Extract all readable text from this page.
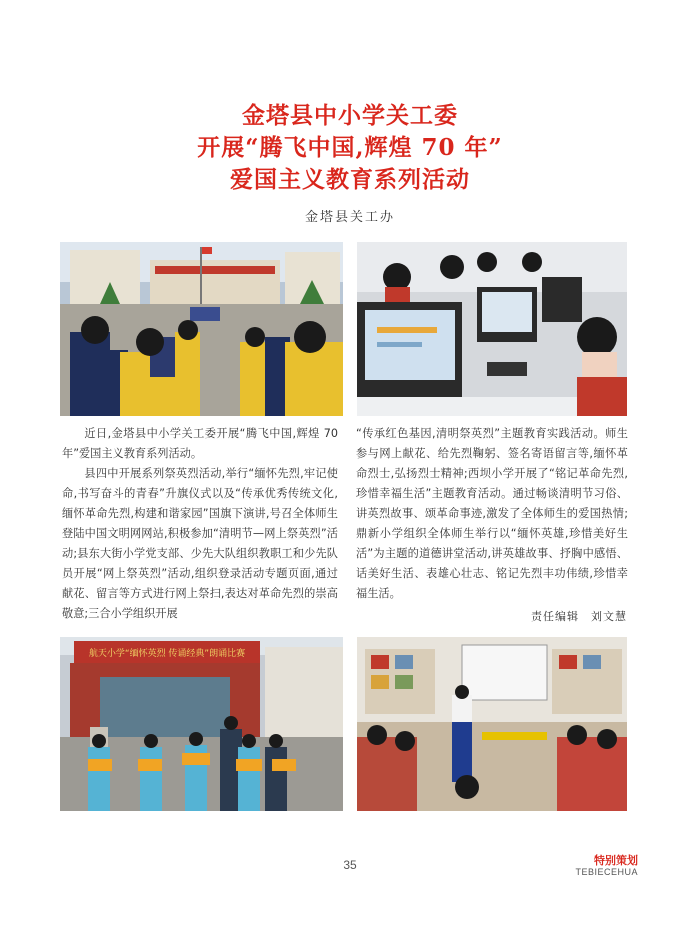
金塔县中小学关工委
开展“腾飞中国,辉煌 70 年”
爱国主义教育系列活动
金塔县关工办

近日,金塔县中小学关工委开展“腾飞中国,辉煌 70 年”爱国主义教育系列活动。

县四中开展系列祭英烈活动,举行“缅怀先烈,牢记使命,书写奋斗的青春”升旗仪式以及“传承优秀传统文化,缅怀革命先烈,构建和谐家园”国旗下演讲,号召全体师生登陆中国文明网网站,积极参加“清明节—网上祭英烈”活动;县东大街小学党支部、少先大队组织教职工和少先队员开展“网上祭英烈”活动,组织登录活动专题页面,通过献花、留言等方式进行网上祭扫,表达对革命先烈的崇高敬意;三合小学组织开展

“传承红色基因,清明祭英烈”主题教育实践活动。师生参与网上献花、给先烈鞠躬、签名寄语留言等,缅怀革命烈士,弘扬烈士精神;西坝小学开展了“铭记革命先烈,珍惜幸福生活”主题教育活动。通过畅谈清明节习俗、讲英烈故事、颂革命事迹,激发了全体师生的爱国热情;鼎新小学组织全体师生举行以“缅怀英雄,珍惜美好生活”为主题的道德讲堂活动,讲英雄故事、抒胸中感悟、话美好生活、表雄心壮志、铭记先烈丰功伟绩,珍惜幸福生活。

责任编辑　刘文慧
航天小学“缅怀英烈 传诵经典”朗诵比赛
35	特别策划
TEBIECEHUA
